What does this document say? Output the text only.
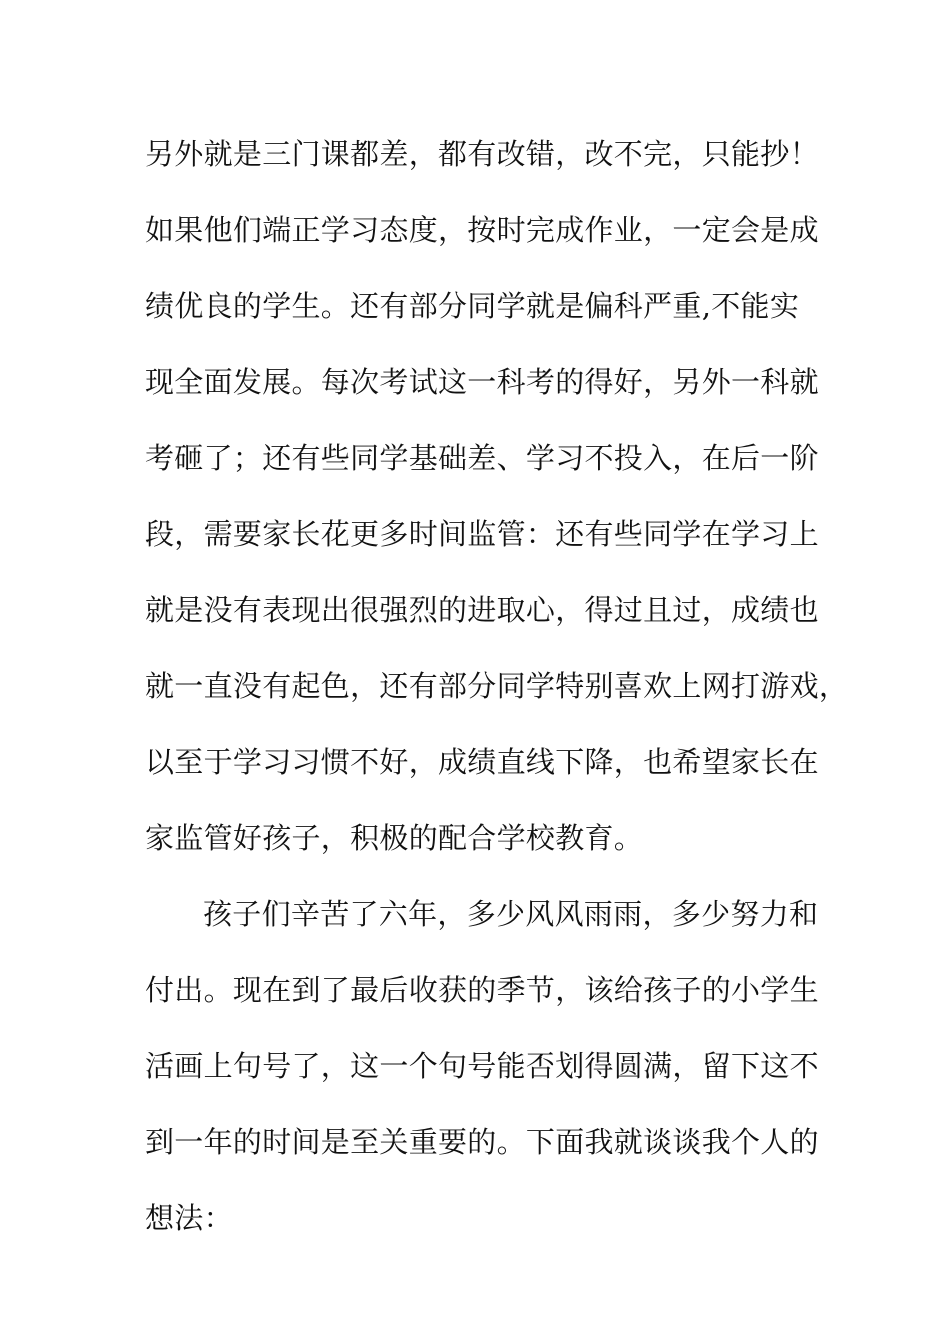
另外就是三门课都差，都有改错，改不完，只能抄！
如果他们端正学习态度，按时完成作业，一定会是成
绩优良的学生。还有部分同学就是偏科严重,不能实
现全面发展。每次考试这一科考的得好，另外一科就
考砸了；还有些同学基础差、学习不投入，在后一阶
段，需要家长花更多时间监管：还有些同学在学习上
就是没有表现出很强烈的进取心，得过且过，成绩也
就一直没有起色，还有部分同学特别喜欢上网打游戏，
以至于学习习惯不好，成绩直线下降，也希望家长在
家监管好孩子，积极的配合学校教育。
孩子们辛苦了六年，多少风风雨雨，多少努力和
付出。现在到了最后收获的季节，该给孩子的小学生
活画上句号了，这一个句号能否划得圆满，留下这不
到一年的时间是至关重要的。下面我就谈谈我个人的
想法：
